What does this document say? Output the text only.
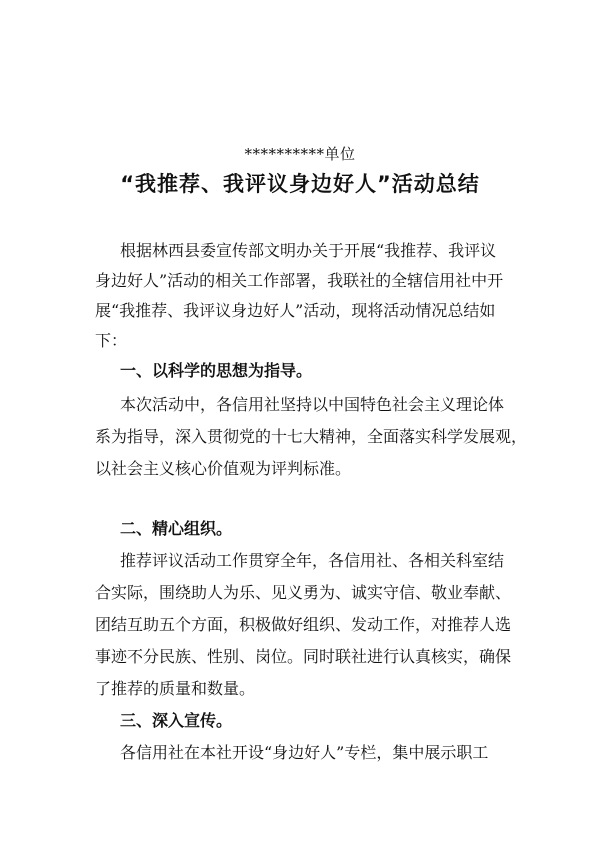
**********单位
“我推荐、我评议身边好人”活动总结
根据林西县委宣传部文明办关于开展“我推荐、我评议
身边好人”活动的相关工作部署，我联社的全辖信用社中开
展“我推荐、我评议身边好人”活动，现将活动情况总结如
下：
一、以科学的思想为指导。
本次活动中，各信用社坚持以中国特色社会主义理论体
系为指导，深入贯彻党的十七大精神，全面落实科学发展观，
以社会主义核心价值观为评判标准。
二、精心组织。
推荐评议活动工作贯穿全年，各信用社、各相关科室结
合实际，围绕助人为乐、见义勇为、诚实守信、敬业奉献、
团结互助五个方面，积极做好组织、发动工作，对推荐人选
事迹不分民族、性别、岗位。同时联社进行认真核实，确保
了推荐的质量和数量。
三、深入宣传。
各信用社在本社开设“身边好人”专栏，集中展示职工
